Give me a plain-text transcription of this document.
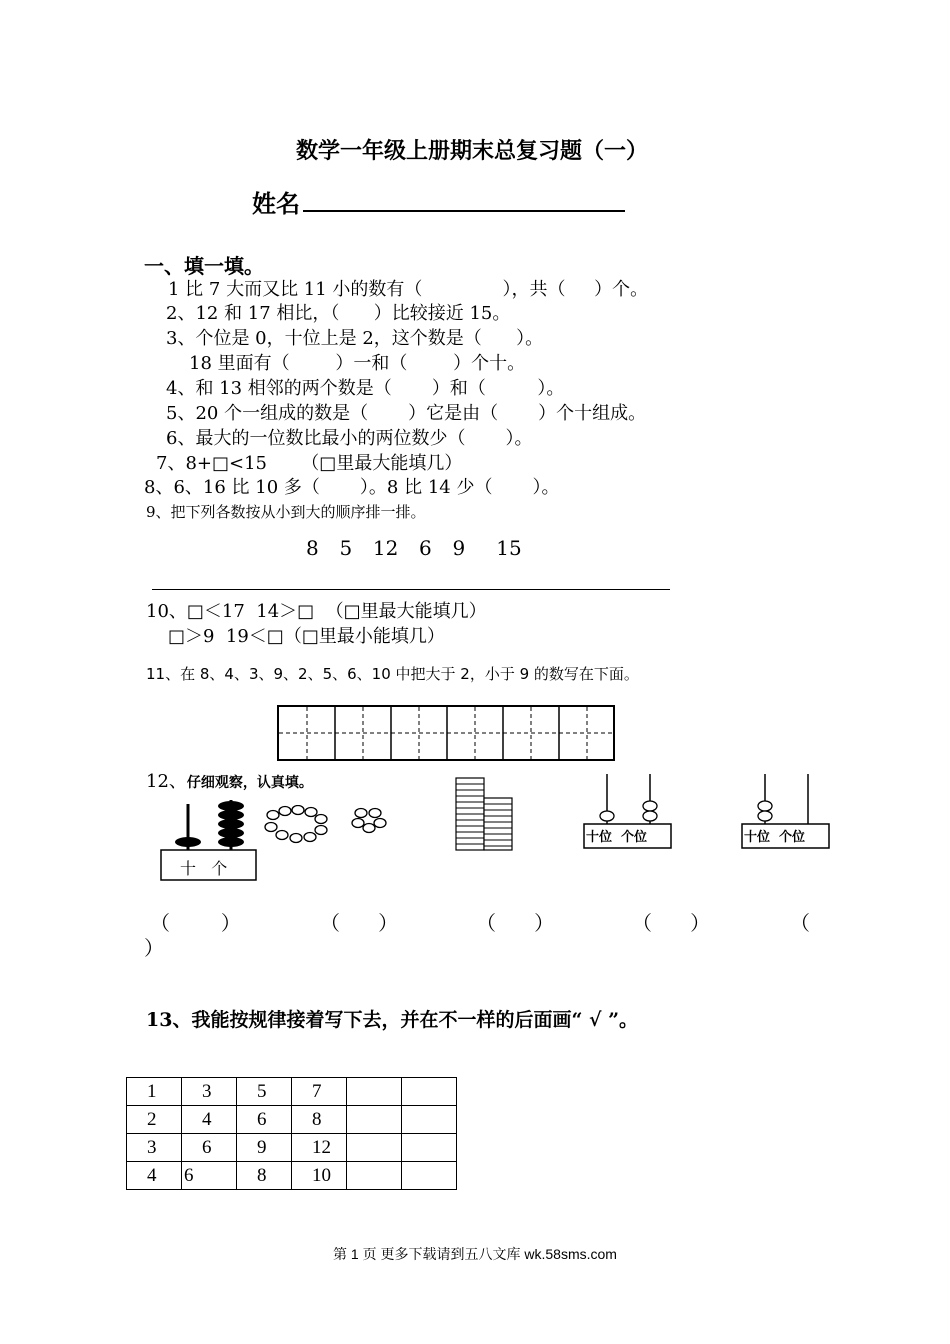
数学一年级上册期末总复习题（一）
姓名
一、填一填。
1 比 7 大而又比 11 小的数有（              ），共（     ）个。
2、12 和 17 相比，（      ）比较接近 15。
3、个位是 0，十位上是 2，这个数是（      ）。
18 里面有（        ）一和（        ）个十。
4、和 13 相邻的两个数是（       ）和（         ）。
5、20 个一组成的数是（       ）它是由（       ）个十组成。
6、最大的一位数比最小的两位数少（       ）。
7、8+□<15      （□里最大能填几）
8、6、16 比 10 多（       ）。8 比 14 少（       ）。
9、把下列各数按从小到大的顺序排一排。
8  5  12  6  9   15
10、□＜17  14＞□  （□里最大能填几）
□＞9  19＜□（□里最小能填几）
11、在 8、4、3、9、2、5、6、10 中把大于 2，小于 9 的数写在下面。

12、仔细观察，认真填。
十   个
十位  个位	十位  个位
（        ）	（      ）	（      ）	（      ）	（
）
13、我能按规律接着写下去，并在不一样的后面画“ √ ”。
1	3	5	7		
2	4	6	8		
3	6	9	12		
4	6	8	10		
第 1 页 更多下载请到五八文库 wk.58sms.com
